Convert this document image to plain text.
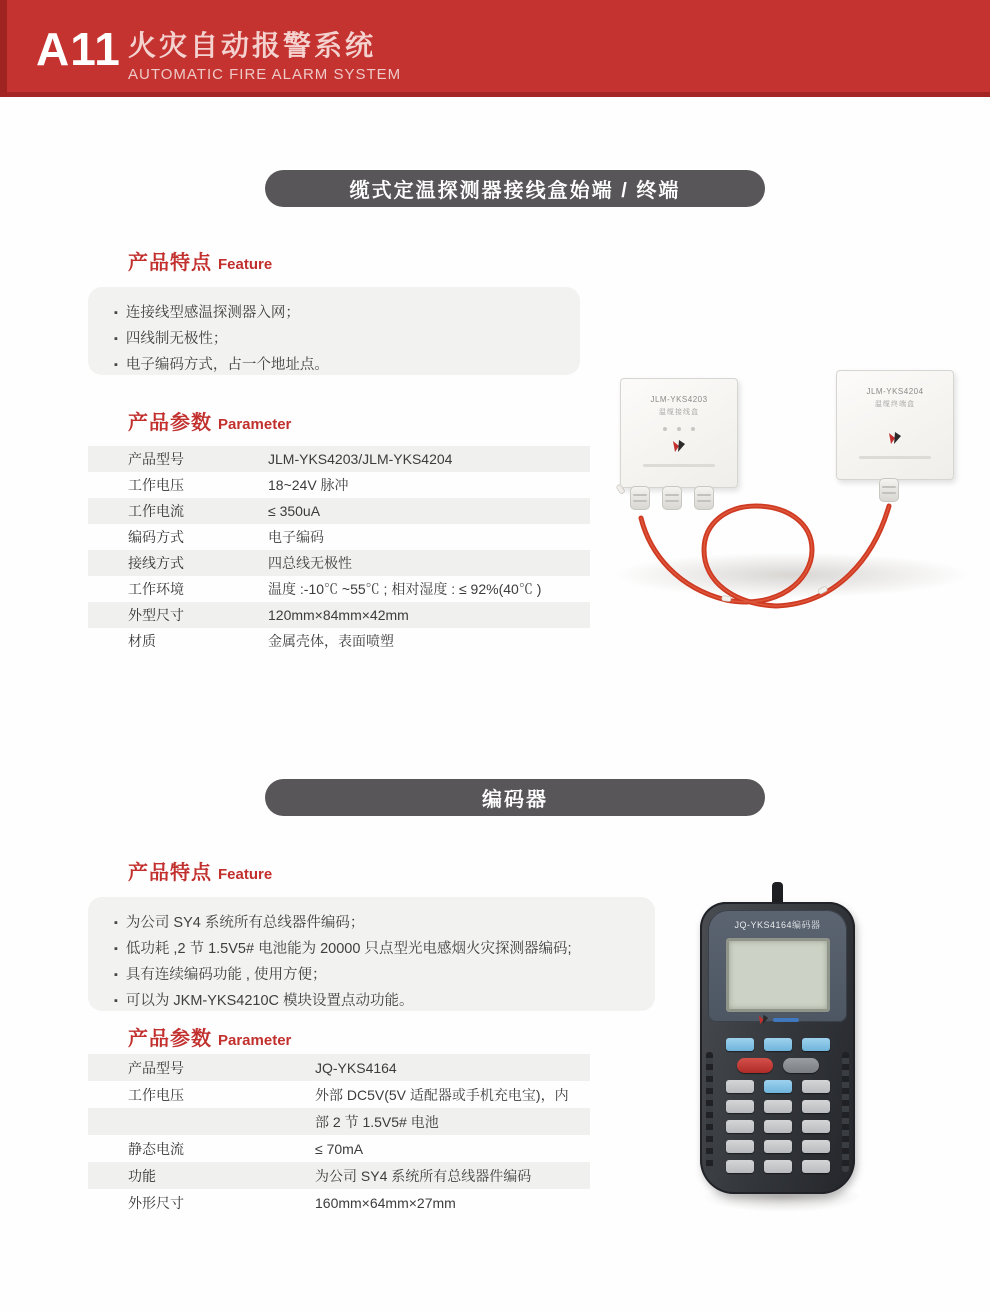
A11 火灾自动报警系统
AUTOMATIC FIRE ALARM SYSTEM
缆式定温探测器接线盒始端 / 终端
产品特点 Feature
▪ 连接线型感温探测器入网；
▪ 四线制无极性；
▪ 电子编码方式，占一个地址点。
产品参数 Parameter
产品型号	JLM-YKS4203/JLM-YKS4204
工作电压	18~24V 脉冲
工作电流	≤ 350uA
编码方式	电子编码
接线方式	四总线无极性
工作环境	温度 :-10℃ ~55℃ ; 相对湿度 : ≤ 92%(40℃ )
外型尺寸	120mm×84mm×42mm
材质	金属壳体，表面喷塑
JLM-YKS4203
温缆接线盒
JLM-YKS4204
温缆终端盒
编码器
产品特点 Feature
▪ 为公司 SY4 系统所有总线器件编码；
▪ 低功耗 ,2 节 1.5V5# 电池能为 20000 只点型光电感烟火灾探测器编码;
▪ 具有连续编码功能 , 使用方便；
▪ 可以为 JKM-YKS4210C 模块设置点动功能。
产品参数 Parameter
产品型号	JQ-YKS4164
工作电压	外部 DC5V(5V 适配器或手机充电宝)，内
部 2 节 1.5V5# 电池
静态电流	≤ 70mA
功能	为公司 SY4 系统所有总线器件编码
外形尺寸	160mm×64mm×27mm
JQ-YKS4164编码器
